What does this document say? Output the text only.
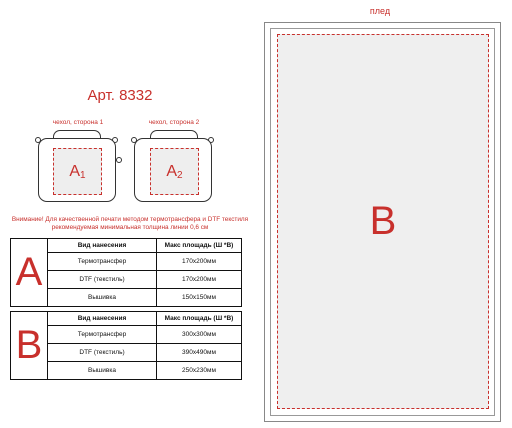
Арт. 8332
чехол, сторона 1	чехол, сторона 2
$A_1$	$A_2$
Внимание! Для качественной печати методом термотрансфера и DTF текстиля рекомендуемая минимальная толщина линии 0,6 см
A	Вид нанесения	Макс площадь (Ш *В)
	Термотрансфер	170х200мм
	DTF (текстиль)	170х200мм
	Вышивка	150х150мм
B	Вид нанесения	Макс площадь (Ш *В)
	Термотрансфер	300х300мм
	DTF (текстиль)	390х490мм
	Вышивка	250х230мм
плед
B
